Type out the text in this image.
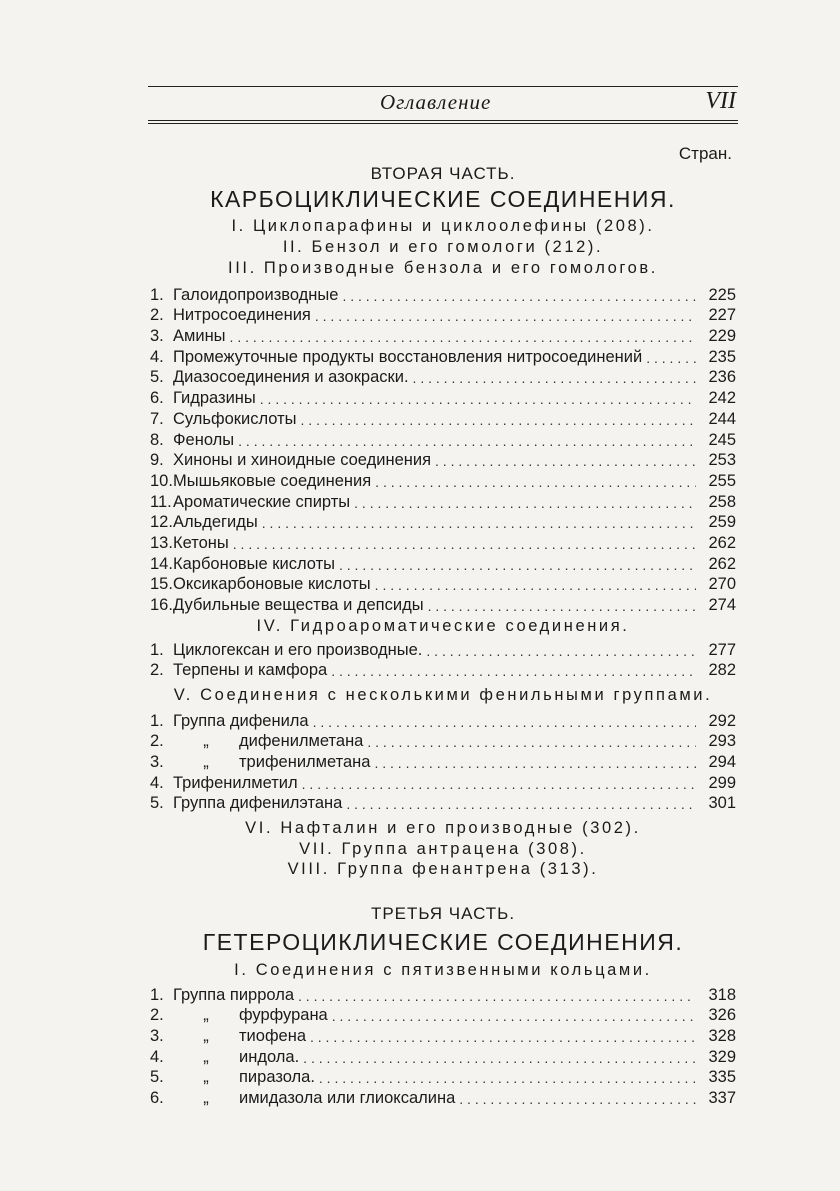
Оглавление	VII
Стран.
ВТОРАЯ ЧАСТЬ.
КАРБОЦИКЛИЧЕСКИЕ СОЕДИНЕНИЯ.
I. Циклопарафины и циклоолефины (208).
II. Бензол и его гомологи (212).
III. Производные бензола и его гомологов.
1. Галоидопроизводные . . .	225
2. Нитросоединения . . .	227
3. Амины . . .	229
4. Промежуточные продукты восстановления нитросоединений . . .	235
5. Диазосоединения и азокраски. . . .	236
6. Гидразины . . .	242
7. Сульфокислоты . . .	244
8. Фенолы . . .	245
9. Хиноны и хиноидные соединения . . .	253
10. Мышьяковые соединения . . .	255
11. Ароматические спирты . . .	258
12. Альдегиды . . .	259
13. Кетоны . . .	262
14. Карбоновые кислоты . . .	262
15. Оксикарбоновые кислоты . . .	270
16. Дубильные вещества и депсиды . . .	274
IV. Гидроароматические соединения.
1. Циклогексан и его производные. . . .	277
2. Терпены и камфора . . .	282
V. Соединения с несколькими фенильными группами.
1. Группа дифенила . . .	292
2.	„	дифенилметана . . .	293
3.	„	трифенилметана . . .	294
4. Трифенилметил . . .	299
5. Группа дифенилэтана . . .	301
VI. Нафталин и его производные (302).
VII. Группа антрацена (308).
VIII. Группа фенантрена (313).
ТРЕТЬЯ ЧАСТЬ.
ГЕТЕРОЦИКЛИЧЕСКИЕ СОЕДИНЕНИЯ.
I. Соединения с пятизвенными кольцами.
1. Группа пиррола . . .	318
2.	„	фурфурана . . .	326
3.	„	тиофена . . .	328
4.	„	индола. . . .	329
5.	„	пиразола. . . .	335
6.	„	имидазола или глиоксалина . . .	337
